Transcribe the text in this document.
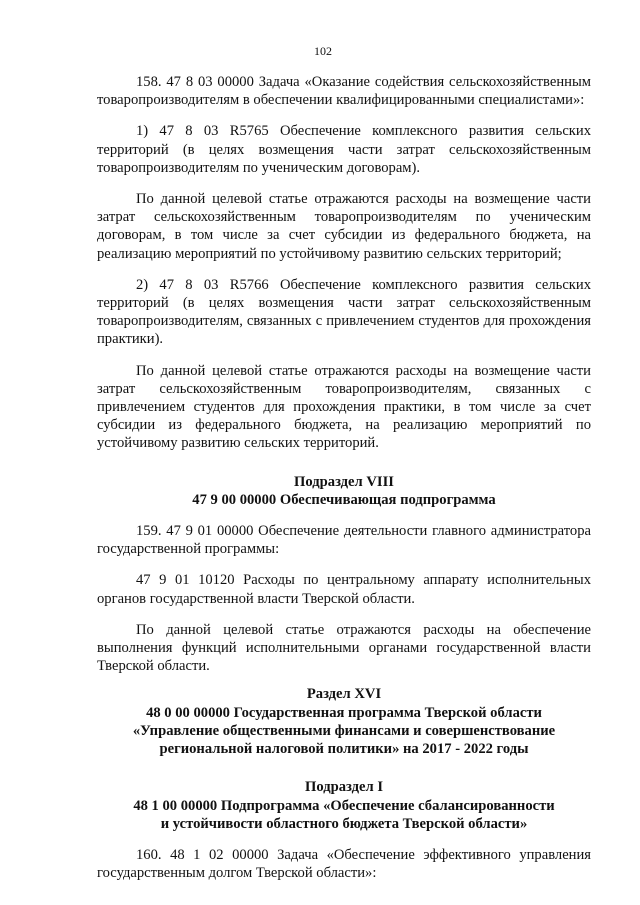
102

158. 47 8 03 00000 Задача «Оказание содействия сельскохозяйственным товаропроизводителям в обеспечении квалифицированными специалистами»:

1) 47 8 03 R5765 Обеспечение комплексного развития сельских территорий (в целях возмещения части затрат сельскохозяйственным товаропроизводителям по ученическим договорам).

По данной целевой статье отражаются расходы на возмещение части затрат сельскохозяйственным товаропроизводителям по ученическим договорам, в том числе за счет субсидии из федерального бюджета, на реализацию мероприятий по устойчивому развитию сельских территорий;

2) 47 8 03 R5766 Обеспечение комплексного развития сельских территорий (в целях возмещения части затрат сельскохозяйственным товаропроизводителям, связанных с привлечением студентов для прохождения практики).

По данной целевой статье отражаются расходы на возмещение части затрат сельскохозяйственным товаропроизводителям, связанных с привлечением студентов для прохождения практики, в том числе за счет субсидии из федерального бюджета, на реализацию мероприятий по устойчивому развитию сельских территорий.

Подраздел VIII

47 9 00 00000 Обеспечивающая подпрограмма

159. 47 9 01 00000 Обеспечение деятельности главного администратора государственной программы:

47 9 01 10120 Расходы по центральному аппарату исполнительных органов государственной власти Тверской области.

По данной целевой статье отражаются расходы на обеспечение выполнения функций исполнительными органами государственной власти Тверской области.

Раздел XVI

48 0 00 00000 Государственная программа Тверской области

«Управление общественными финансами и совершенствование

региональной налоговой политики» на 2017 - 2022 годы

Подраздел I

48 1 00 00000 Подпрограмма «Обеспечение сбалансированности

и устойчивости областного бюджета Тверской области»

160. 48 1 02 00000 Задача «Обеспечение эффективного управления государственным долгом Тверской области»:
